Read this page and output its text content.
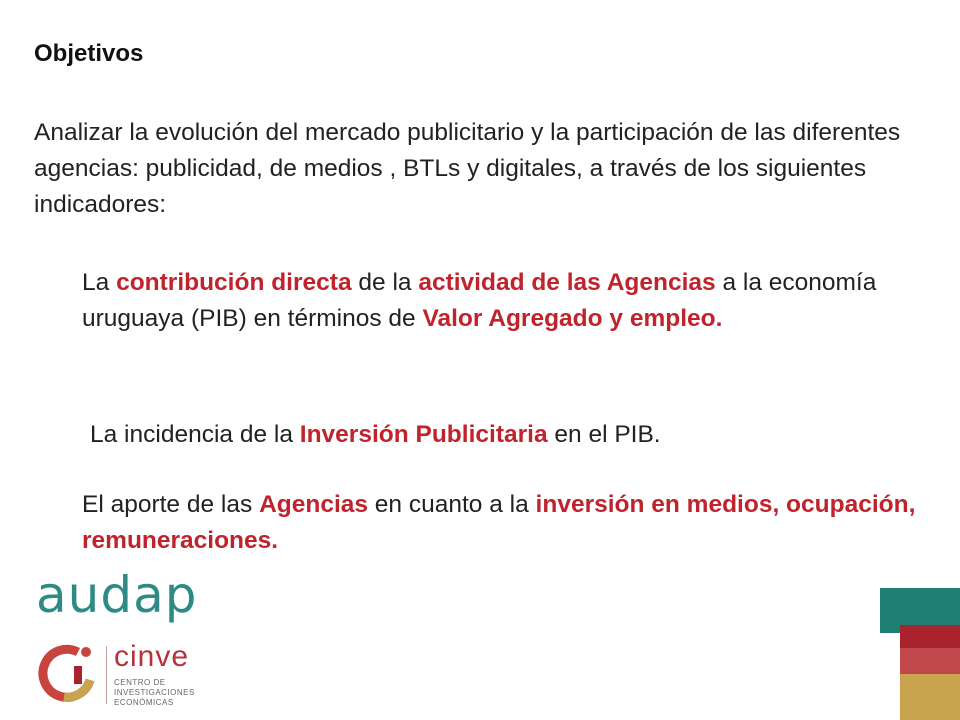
Objetivos
Analizar la evolución del mercado publicitario y la participación de las diferentes agencias: publicidad, de medios , BTLs y digitales, a través de los siguientes indicadores:
La contribución directa de la actividad de las Agencias a la economía uruguaya (PIB) en términos de Valor Agregado y empleo.
La incidencia de la Inversión Publicitaria en el PIB.
El aporte de las Agencias en cuanto a la inversión en medios, ocupación, remuneraciones.
audap
cinve
CENTRO DE INVESTIGACIONES ECONÓMICAS
